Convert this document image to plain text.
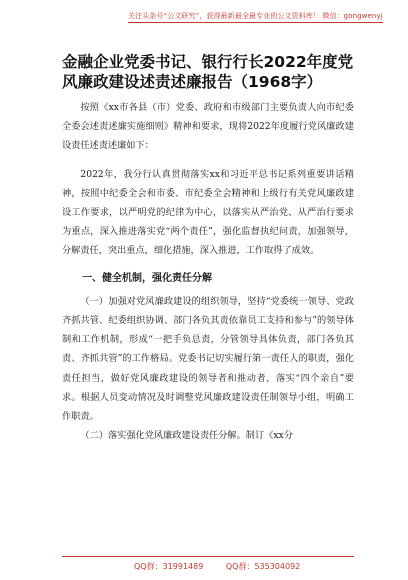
关注头条号“公文研究”，获得最新最全最专业的公文资料库！ 微信：gongwenyj
金融企业党委书记、银行行长2022年度党风廉政建设述责述廉报告（1968字）

按照《xx市各县（市）党委、政府和市级部门主要负责人向市纪委全委会述责述廉实施细则》精神和要求，现将2022年度履行党风廉政建设责任述责述廉如下：

2022年，我分行认真贯彻落实xx和习近平总书记系列重要讲话精神，按照中纪委全会和市委、市纪委全会精神和上级行有关党风廉政建设工作要求，以严明党的纪律为中心，以落实从严治党、从严治行要求为重点，深入推进落实党“两个责任”，强化监督执纪问责，加强领导，分解责任，突出重点，细化措施，深入推进，工作取得了成效。

一、健全机制，强化责任分解

（一）加强对党风廉政建设的组织领导，坚持“党委统一领导、党政齐抓共管、纪委组织协调、部门各负其责依靠员工支持和参与”的领导体制和工作机制，形成“一把手负总责，分管领导具体负责，部门各负其责、齐抓共管”的工作格局。党委书记切实履行第一责任人的职责，强化责任担当，做好党风廉政建设的领导者和推动者，落实“四个亲自”要求。根据人员变动情况及时调整党风廉政建设责任制领导小组，明确工作职责。

（二）落实强化党风廉政建设责任分解。制订《xx分

QQ群：31991489	QQ群：535304092
